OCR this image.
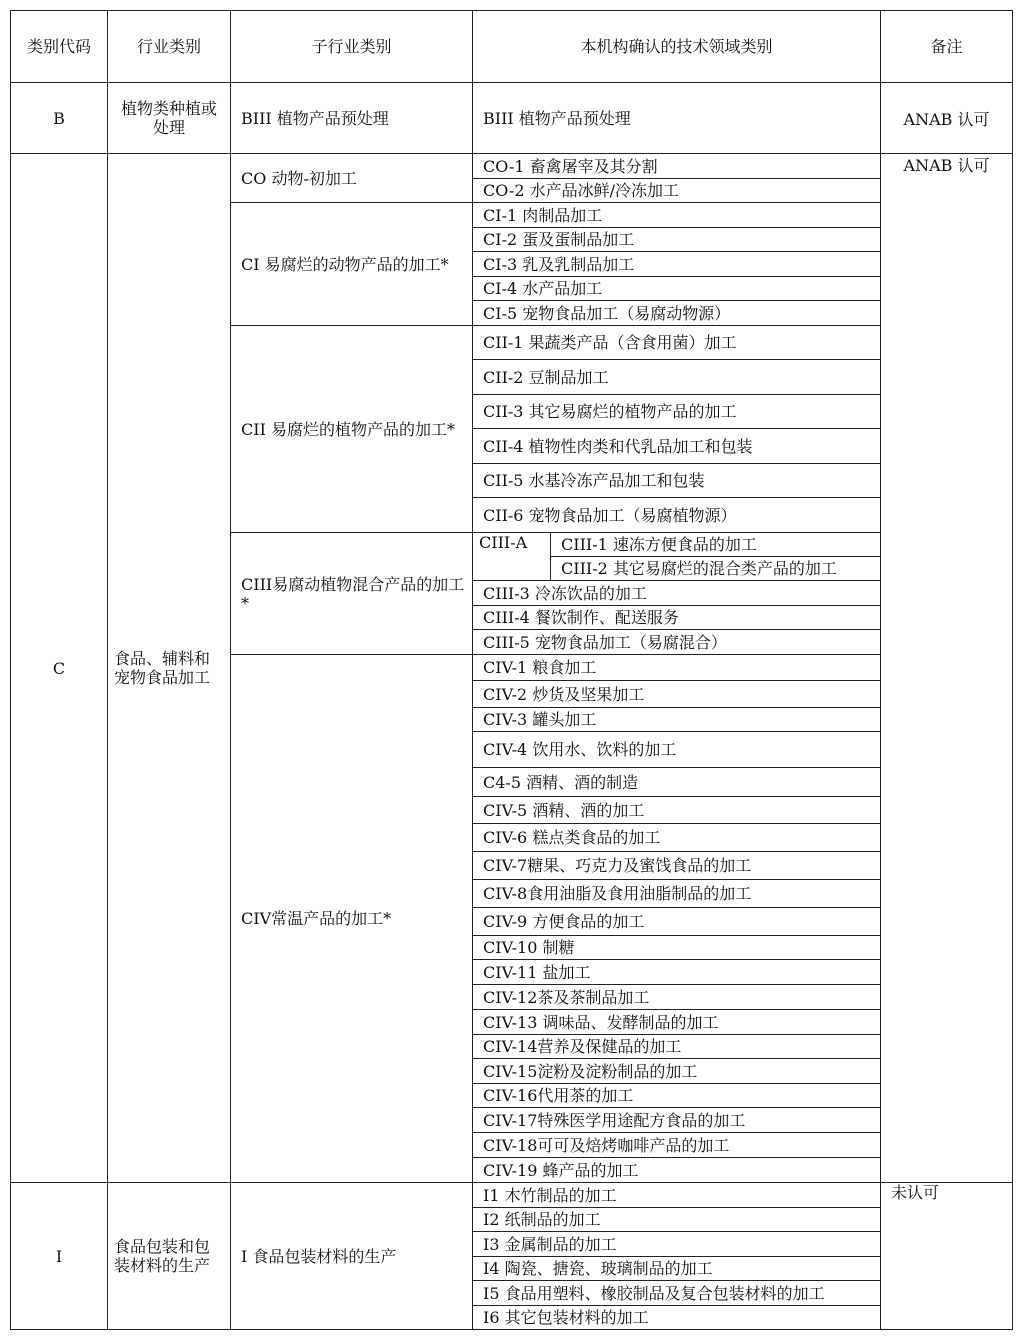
类别代码	行业类别	子行业类别	本机构确认的技术领域类别		备注
B	植物类种植或处理	BIII 植物产品预处理	BIII 植物产品预处理		ANAB 认可
C	食品、辅料和宠物食品加工	CO 动物-初加工	CO-1 畜禽屠宰及其分割		ANAB 认可
			CO-2 水产品冰鲜/冷冻加工		
		CI 易腐烂的动物产品的加工*	CI-1 肉制品加工		
			CI-2 蛋及蛋制品加工		
			CI-3 乳及乳制品加工		
			CI-4 水产品加工		
			CI-5 宠物食品加工（易腐动物源）		
		CII 易腐烂的植物产品的加工*	CII-1 果蔬类产品（含食用菌）加工		
			CII-2 豆制品加工		
			CII-3 其它易腐烂的植物产品的加工		
			CII-4 植物性肉类和代乳品加工和包装		
			CII-5 水基冷冻产品加工和包装		
			CII-6 宠物食品加工（易腐植物源）		
		CIII易腐动植物混合产品的加工*	CIII-A	CIII-1 速冻方便食品的加工	
				CIII-2 其它易腐烂的混合类产品的加工	
			CIII-3 冷冻饮品的加工		
			CIII-4 餐饮制作、配送服务		
			CIII-5 宠物食品加工（易腐混合）		
		CIV常温产品的加工*	CIV-1 粮食加工		
			CIV-2 炒货及坚果加工		
			CIV-3 罐头加工		
			CIV-4 饮用水、饮料的加工		
			C4-5 酒精、酒的制造		
			CIV-5 酒精、酒的加工		
			CIV-6 糕点类食品的加工		
			CIV-7糖果、巧克力及蜜饯食品的加工		
			CIV-8食用油脂及食用油脂制品的加工		
			CIV-9 方便食品的加工		
			CIV-10 制糖		
			CIV-11 盐加工		
			CIV-12茶及茶制品加工		
			CIV-13 调味品、发酵制品的加工		
			CIV-14营养及保健品的加工		
			CIV-15淀粉及淀粉制品的加工		
			CIV-16代用茶的加工		
			CIV-17特殊医学用途配方食品的加工		
			CIV-18可可及焙烤咖啡产品的加工		
			CIV-19 蜂产品的加工		
I	食品包装和包装材料的生产	I 食品包装材料的生产	I1 木竹制品的加工		未认可
			I2 纸制品的加工		
			I3 金属制品的加工		
			I4 陶瓷、搪瓷、玻璃制品的加工		
			I5 食品用塑料、橡胶制品及复合包装材料的加工		
			I6 其它包装材料的加工		
